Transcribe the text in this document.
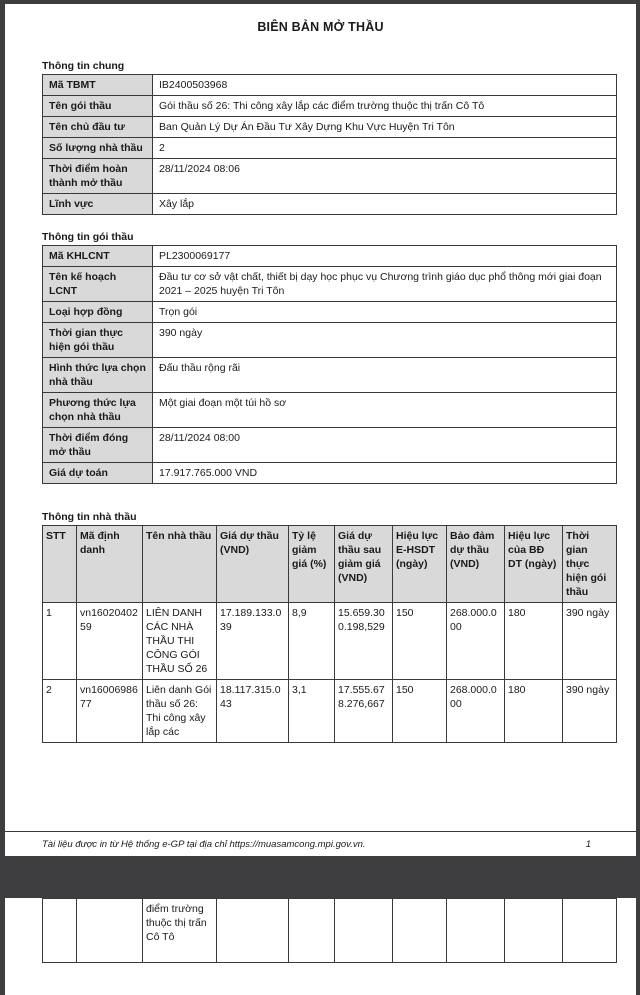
BIÊN BẢN MỞ THẦU
Thông tin chung
Mã TBMT	IB2400503968
Tên gói thầu	Gói thầu số 26: Thi công xây lắp các điểm trường thuộc thị trấn Cô Tô
Tên chủ đầu tư	Ban Quản Lý Dự Án Đầu Tư Xây Dựng Khu Vực Huyện Tri Tôn
Số lượng nhà thầu	2
Thời điểm hoàn thành mở thầu	28/11/2024 08:06
Lĩnh vực	Xây lắp
Thông tin gói thầu
Mã KHLCNT	PL2300069177
Tên kế hoạch LCNT	Đầu tư cơ sở vật chất, thiết bị dạy học phục vụ Chương trình giáo dục phổ thông mới giai đoạn 2021 – 2025 huyện Tri Tôn
Loại hợp đồng	Trọn gói
Thời gian thực hiện gói thầu	390 ngày
Hình thức lựa chọn nhà thầu	Đấu thầu rộng rãi
Phương thức lựa chọn nhà thầu	Một giai đoạn một túi hồ sơ
Thời điểm đóng mở thầu	28/11/2024 08:00
Giá dự toán	17.917.765.000 VND
Thông tin nhà thầu
STT	Mã định danh	Tên nhà thầu	Giá dự thầu (VND)	Tỷ lệ giảm giá (%)	Giá dự thầu sau giảm giá (VND)	Hiệu lực E-HSDT (ngày)	Bảo đảm dự thầu (VND)	Hiệu lực của BĐ DT (ngày)	Thời gian thực hiện gói thầu
1	vn1602040259	LIÊN DANH CÁC NHÀ THẦU THI CÔNG GÓI THẦU SỐ 26	17.189.133.039	8,9	15.659.300.198,529	150	268.000.000	180	390 ngày
2	vn1600698677	Liên danh Gói thầu số 26: Thi công xây lắp các	18.117.315.043	3,1	17.555.678.276,667	150	268.000.000	180	390 ngày
Tài liệu được in từ Hệ thống e-GP tại địa chỉ https://muasamcong.mpi.gov.vn.	1
		điểm trường thuộc thị trấn Cô Tô							
